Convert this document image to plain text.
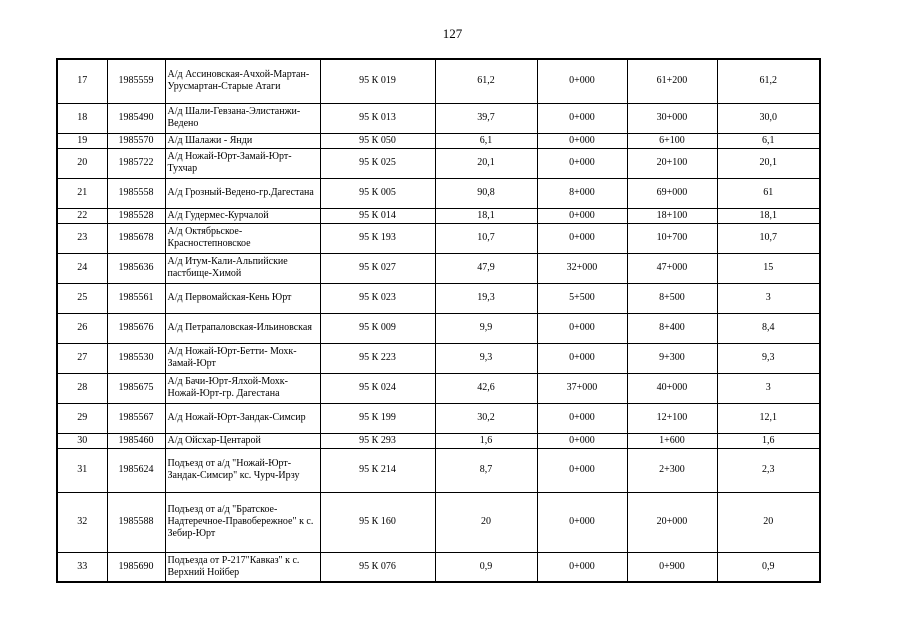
127
17	1985559	А/д Ассиновская-Ачхой-Мартан-Урусмартан-Старые Атаги	95 К 019	61,2	0+000	61+200	61,2
18	1985490	А/д Шали-Гевзана-Элистанжи-Ведено	95 К 013	39,7	0+000	30+000	30,0
19	1985570	А/д Шалажи - Янди	95 К 050	6,1	0+000	6+100	6,1
20	1985722	А/д Ножай-Юрт-Замай-Юрт-Тухчар	95 К 025	20,1	0+000	20+100	20,1
21	1985558	А/д Грозный-Ведено-гр.Дагестана	95 К 005	90,8	8+000	69+000	61
22	1985528	А/д Гудермес-Курчалой	95 К 014	18,1	0+000	18+100	18,1
23	1985678	А/д Октябрьское-Красностепновское	95 К 193	10,7	0+000	10+700	10,7
24	1985636	А/д Итум-Кали-Альпийские пастбище-Химой	95 К 027	47,9	32+000	47+000	15
25	1985561	А/д Первомайская-Кень Юрт	95 К 023	19,3	5+500	8+500	3
26	1985676	А/д Петрапаловская-Ильиновская	95 К 009	9,9	0+000	8+400	8,4
27	1985530	А/д Ножай-Юрт-Бетти- Мохк-Замай-Юрт	95 К 223	9,3	0+000	9+300	9,3
28	1985675	А/д Бачи-Юрт-Ялхой-Мохк-Ножай-Юрт-гр. Дагестана	95 К 024	42,6	37+000	40+000	3
29	1985567	А/д Ножай-Юрт-Зандак-Симсир	95 К 199	30,2	0+000	12+100	12,1
30	1985460	А/д Ойсхар-Центарой	95 К 293	1,6	0+000	1+600	1,6
31	1985624	Подъезд от а/д "Ножай-Юрт-Зандак-Симсир" кс. Чурч-Ирзу	95 К 214	8,7	0+000	2+300	2,3
32	1985588	Подъезд от а/д "Братское-Надтеречное-Правобережное" к с. Зебир-Юрт	95 К 160	20	0+000	20+000	20
33	1985690	Подъезда от Р-217"Кавказ" к с. Верхний Нойбер	95 К 076	0,9	0+000	0+900	0,9
